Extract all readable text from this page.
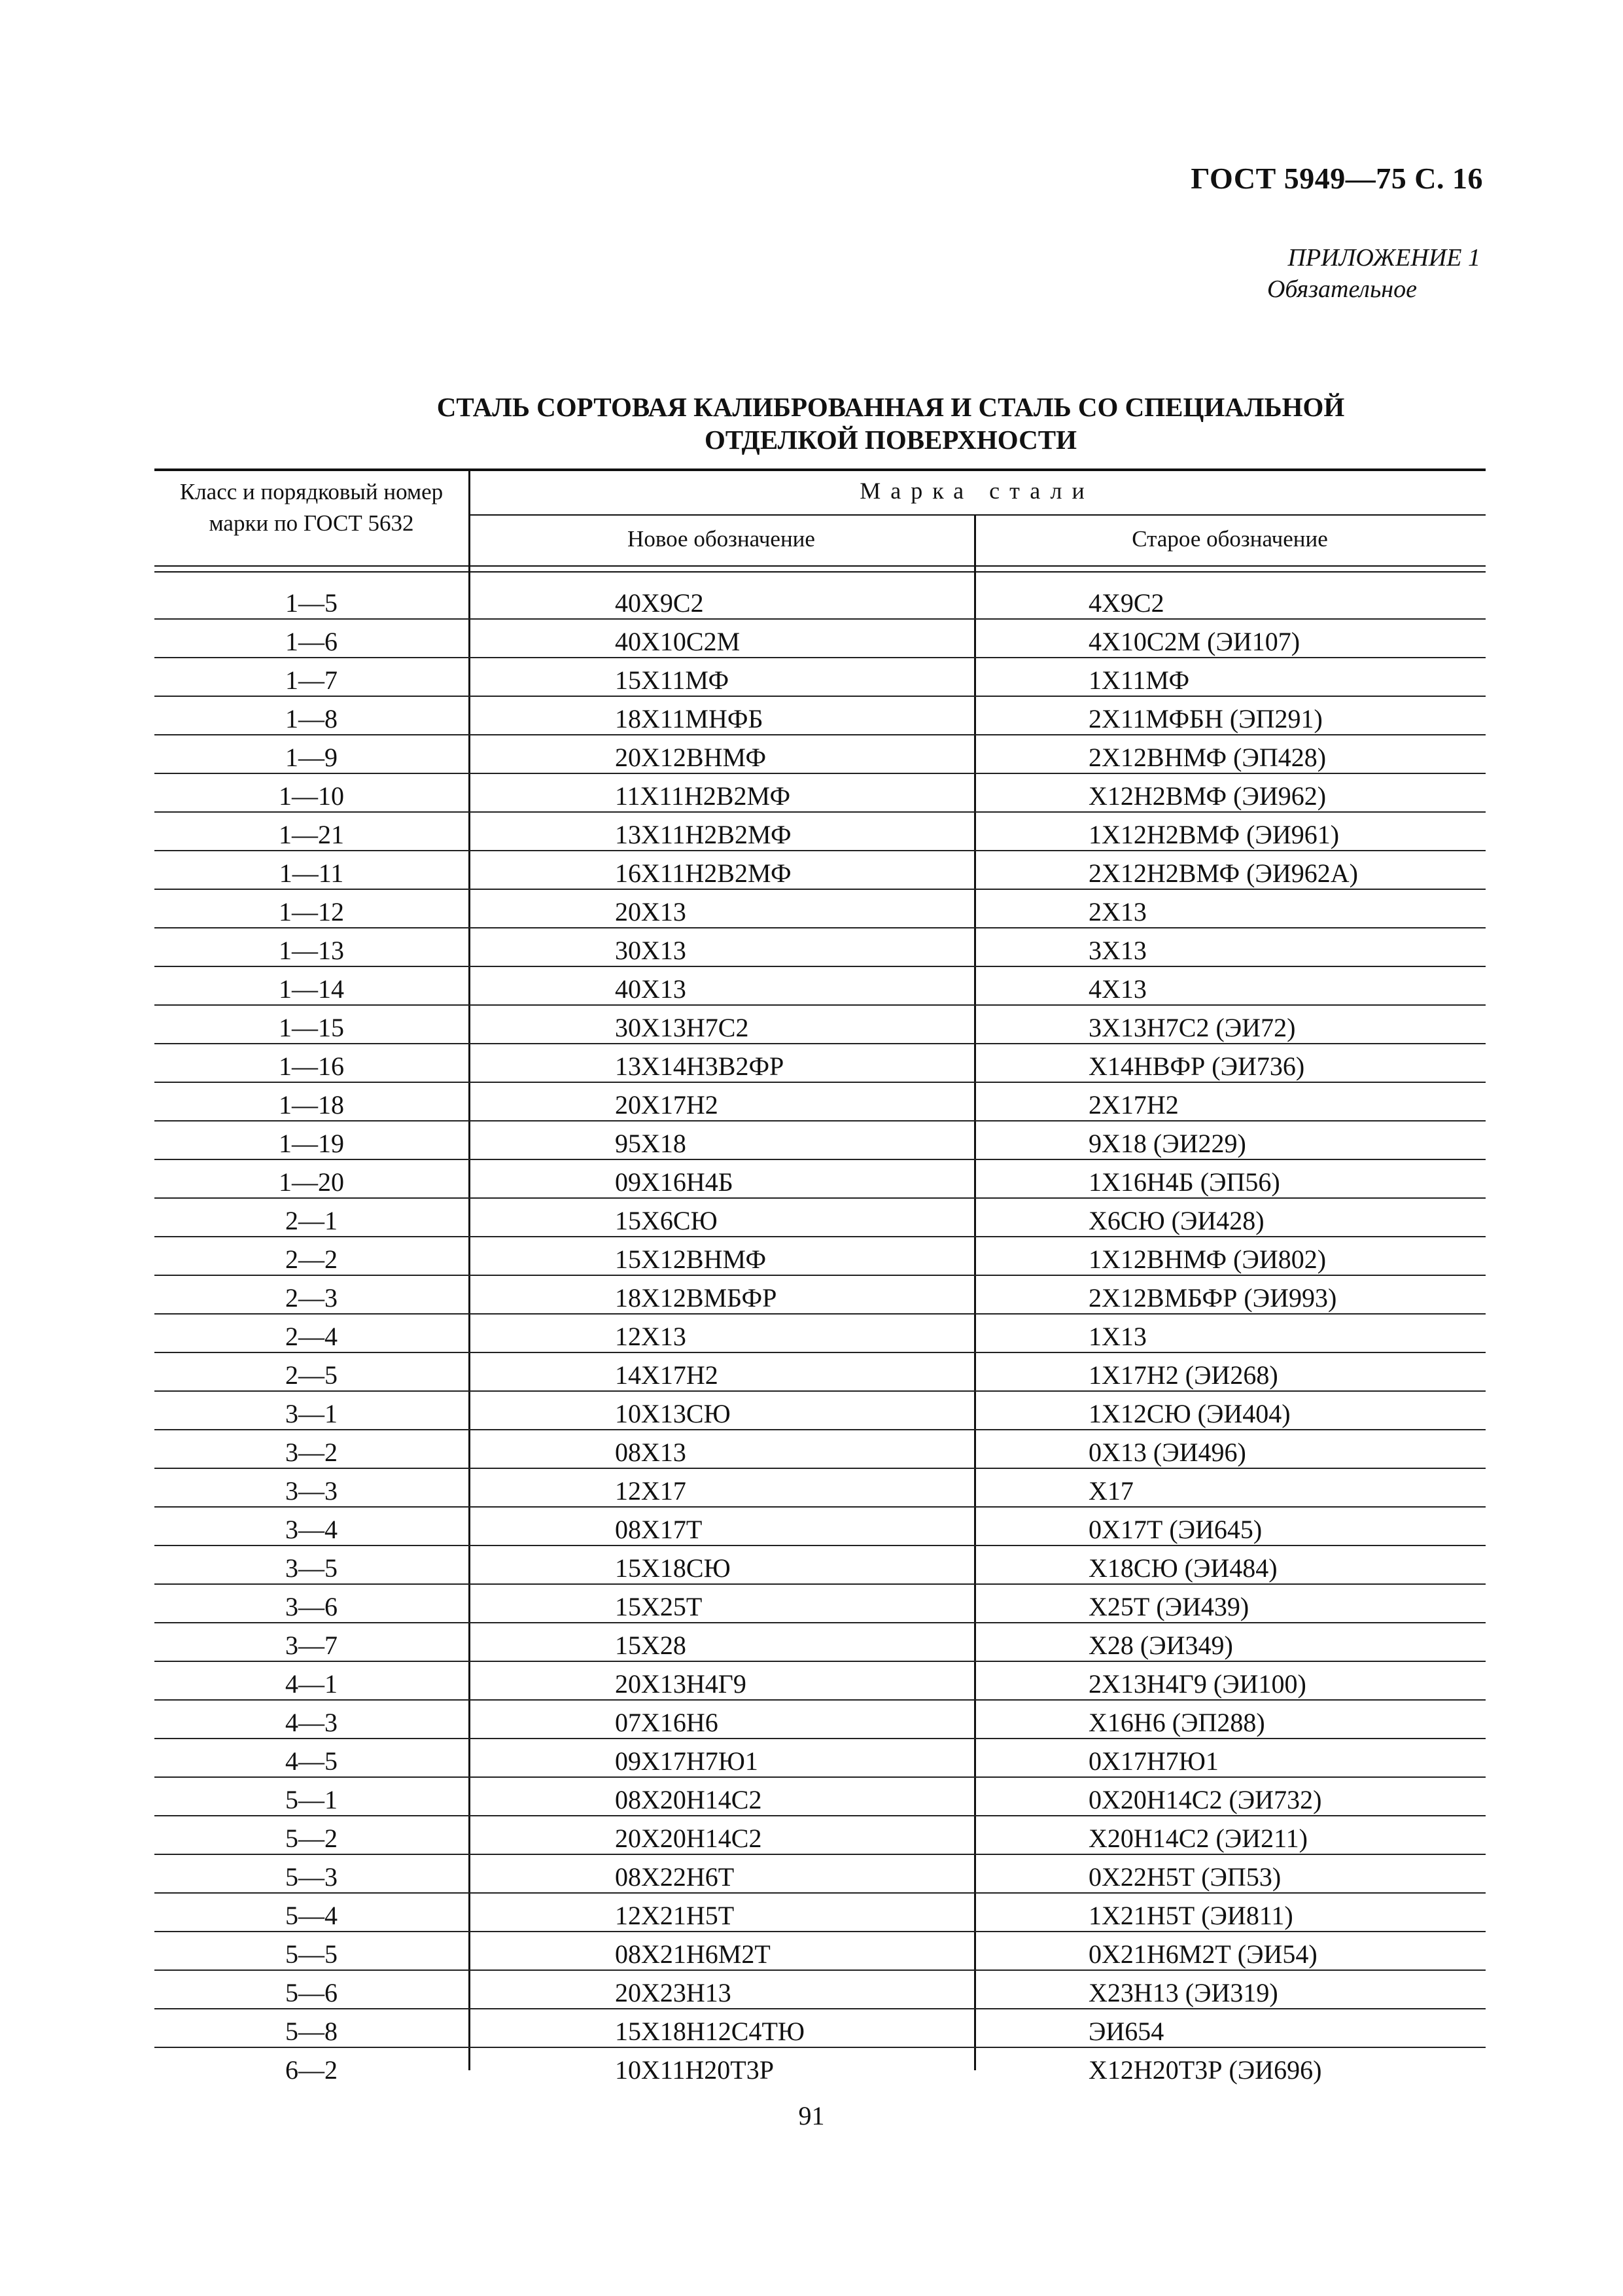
ГОСТ 5949—75 С. 16
ПРИЛОЖЕНИЕ 1
Обязательное
СТАЛЬ СОРТОВАЯ КАЛИБРОВАННАЯ И СТАЛЬ СО СПЕЦИАЛЬНОЙ
ОТДЕЛКОЙ ПОВЕРХНОСТИ
Класс и порядковый номер
марки по ГОСТ 5632
Марка стали
Новое обозначение	Старое обозначение
1—5	40Х9С2	4Х9С2
1—6	40Х10С2М	4Х10С2М (ЭИ107)
1—7	15Х11МФ	1Х11МФ
1—8	18Х11МНФБ	2Х11МФБН (ЭП291)
1—9	20Х12ВНМФ	2Х12ВНМФ (ЭП428)
1—10	11Х11Н2В2МФ	Х12Н2ВМФ (ЭИ962)
1—21	13Х11Н2В2МФ	1Х12Н2ВМФ (ЭИ961)
1—11	16Х11Н2В2МФ	2Х12Н2ВМФ (ЭИ962А)
1—12	20Х13	2Х13
1—13	30Х13	3Х13
1—14	40Х13	4Х13
1—15	30Х13Н7С2	3Х13Н7С2 (ЭИ72)
1—16	13Х14Н3В2ФР	Х14НВФР (ЭИ736)
1—18	20Х17Н2	2Х17Н2
1—19	95Х18	9Х18 (ЭИ229)
1—20	09Х16Н4Б	1Х16Н4Б (ЭП56)
2—1	15Х6СЮ	Х6СЮ (ЭИ428)
2—2	15Х12ВНМФ	1Х12ВНМФ (ЭИ802)
2—3	18Х12ВМБФР	2Х12ВМБФР (ЭИ993)
2—4	12Х13	1Х13
2—5	14Х17Н2	1Х17Н2 (ЭИ268)
3—1	10Х13СЮ	1Х12СЮ (ЭИ404)
3—2	08Х13	0Х13 (ЭИ496)
3—3	12Х17	Х17
3—4	08Х17Т	0Х17Т (ЭИ645)
3—5	15Х18СЮ	Х18СЮ (ЭИ484)
3—6	15Х25Т	Х25Т (ЭИ439)
3—7	15Х28	Х28 (ЭИ349)
4—1	20Х13Н4Г9	2Х13Н4Г9 (ЭИ100)
4—3	07Х16Н6	Х16Н6 (ЭП288)
4—5	09Х17Н7Ю1	0Х17Н7Ю1
5—1	08Х20Н14С2	0Х20Н14С2 (ЭИ732)
5—2	20Х20Н14С2	Х20Н14С2 (ЭИ211)
5—3	08Х22Н6Т	0Х22Н5Т (ЭП53)
5—4	12Х21Н5Т	1Х21Н5Т (ЭИ811)
5—5	08Х21Н6М2Т	0Х21Н6М2Т (ЭИ54)
5—6	20Х23Н13	Х23Н13 (ЭИ319)
5—8	15Х18Н12С4ТЮ	ЭИ654
6—2	10Х11Н20Т3Р	Х12Н20Т3Р (ЭИ696)
91
